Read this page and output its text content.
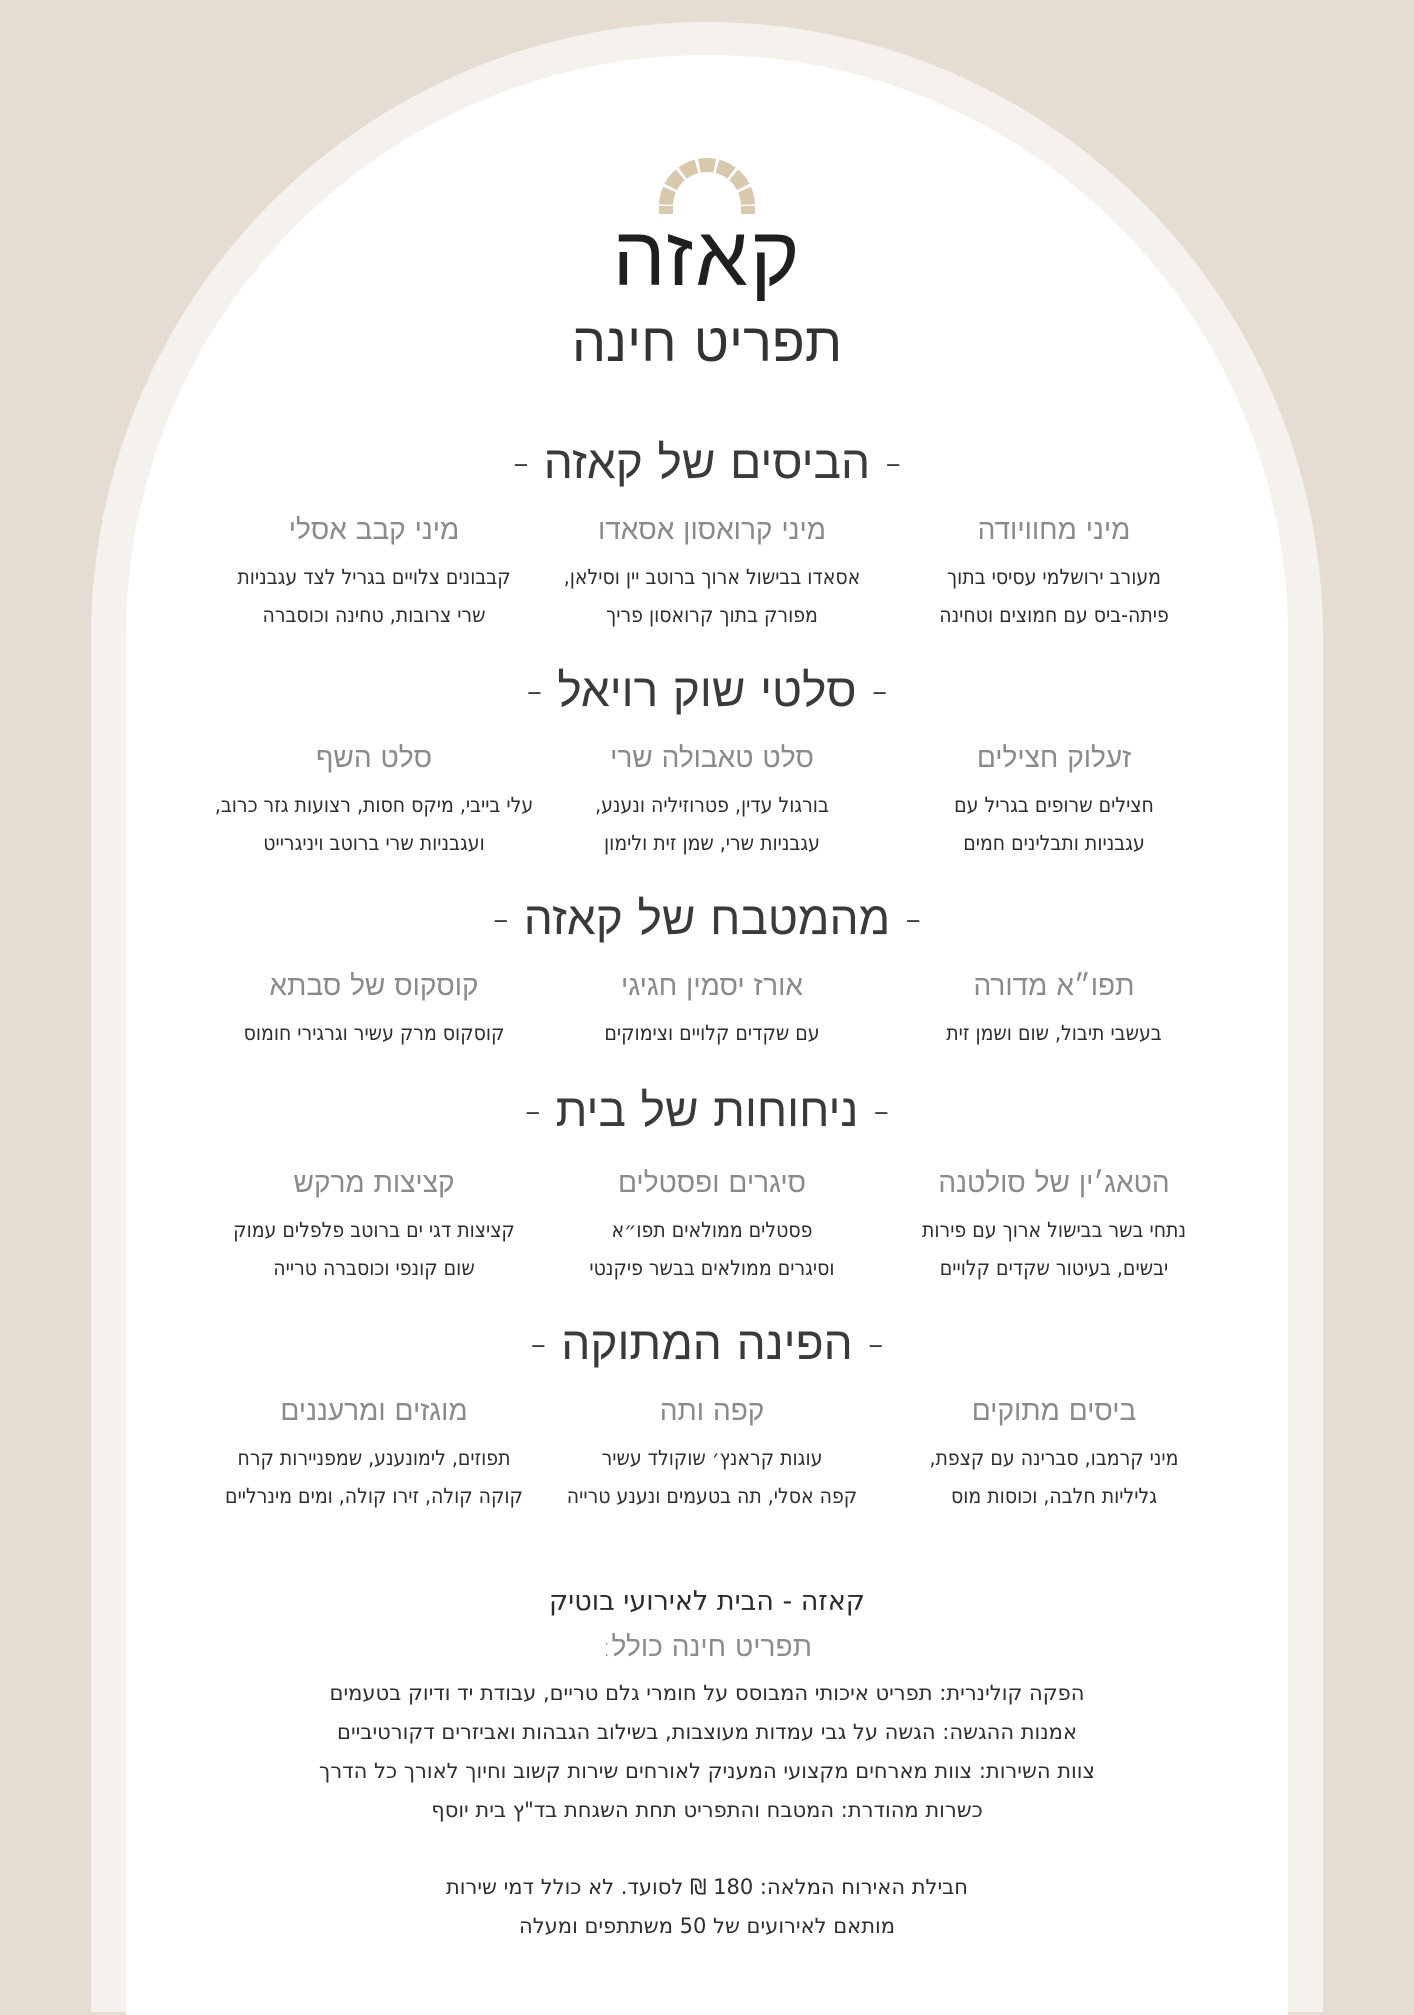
קאזה
תפריט חינה
- הביסים של קאזה -
מיני מחוויודה
מעורב ירושלמי עסיסי בתוך
פיתה-ביס עם חמוצים וטחינה
מיני קרואסון אסאדו
אסאדו בבישול ארוך ברוטב יין וסילאן,
מפורק בתוך קרואסון פריך
מיני קבב אסלי
קבבונים צלויים בגריל לצד עגבניות
שרי צרובות, טחינה וכוסברה
- סלטי שוק רויאל -
זעלוק חצילים
חצילים שרופים בגריל עם
עגבניות ותבלינים חמים
סלט טאבולה שרי
בורגול עדין, פטרוזיליה ונענע,
עגבניות שרי, שמן זית ולימון
סלט השף
עלי בייבי, מיקס חסות, רצועות גזר כרוב,
ועגבניות שרי ברוטב ויניגרייט
- מהמטבח של קאזה -
תפו״א מדורה
בעשבי תיבול, שום ושמן זית
אורז יסמין חגיגי
עם שקדים קלויים וצימוקים
קוסקוס של סבתא
קוסקוס מרק עשיר וגרגירי חומוס
- ניחוחות של בית -
הטאג׳ין של סולטנה
נתחי בשר בבישול ארוך עם פירות
יבשים, בעיטור שקדים קלויים
סיגרים ופסטלים
פסטלים ממולאים תפו״א
וסיגרים ממולאים בבשר פיקנטי
קציצות מרקש
קציצות דגי ים ברוטב פלפלים עמוק
שום קונפי וכוסברה טרייה
- הפינה המתוקה -
ביסים מתוקים
מיני קרמבו, סברינה עם קצפת,
גליליות חלבה, וכוסות מוס
קפה ותה
עוגות קראנץ׳ שוקולד עשיר
קפה אסלי, תה בטעמים ונענע טרייה
מוגזים ומרעננים
תפוזים, לימונענע, שמפניירות קרח
קוקה קולה, זירו קולה, ומים מינרליים
קאזה - הבית לאירועי בוטיק
תפריט חינה כולל:
הפקה קולינרית: תפריט איכותי המבוסס על חומרי גלם טריים, עבודת יד ודיוק בטעמים
אמנות ההגשה: הגשה על גבי עמדות מעוצבות, בשילוב הגבהות ואביזרים דקורטיביים
צוות השירות: צוות מארחים מקצועי המעניק לאורחים שירות קשוב וחיוך לאורך כל הדרך
כשרות מהודרת: המטבח והתפריט תחת השגחת בד"ץ בית יוסף
חבילת האירוח המלאה: 180 ₪ לסועד. לא כולל דמי שירות
מותאם לאירועים של 50 משתתפים ומעלה
